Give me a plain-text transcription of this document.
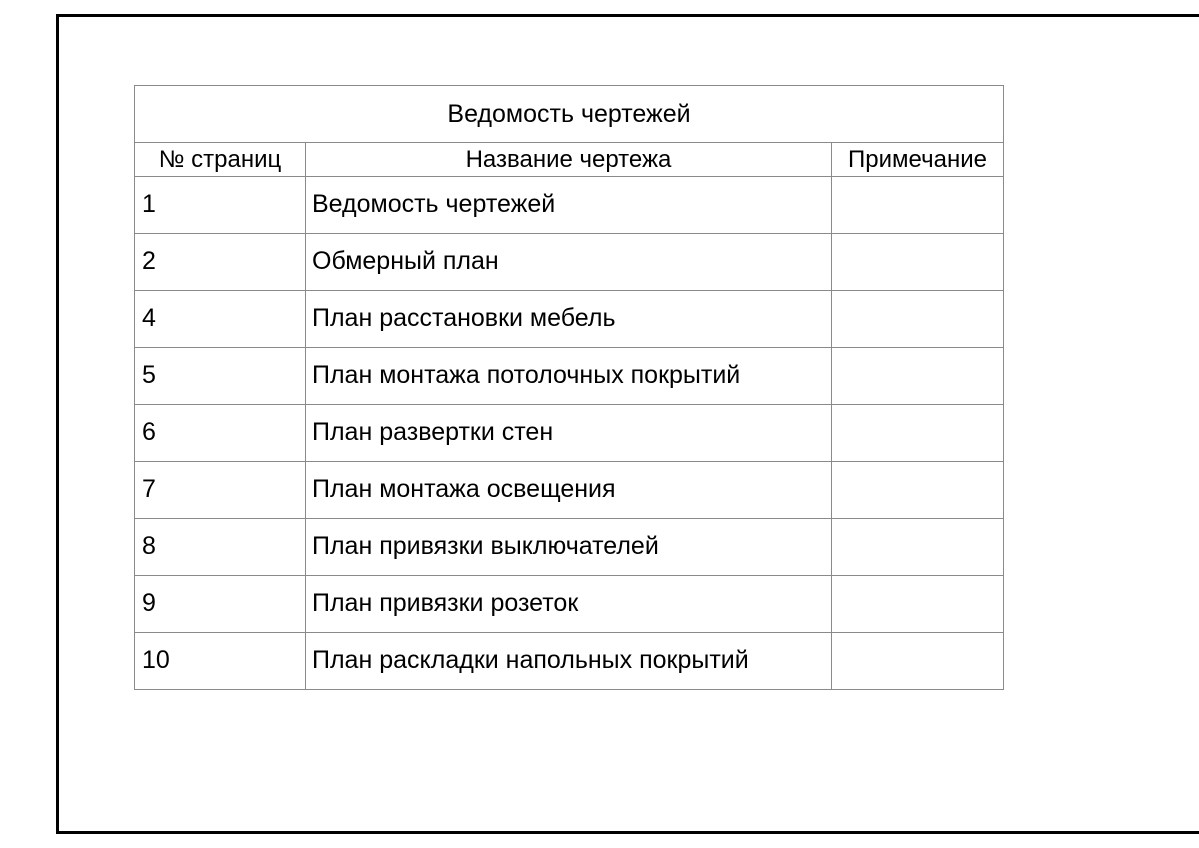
Ведомость чертежей		
№ страниц	Название чертежа	Примечание
1	Ведомость чертежей	
2	Обмерный план	
4	План расстановки мебель	
5	План монтажа потолочных покрытий	
6	План развертки стен	
7	План монтажа освещения	
8	План привязки выключателей	
9	План привязки розеток	
10	План раскладки напольных покрытий	
